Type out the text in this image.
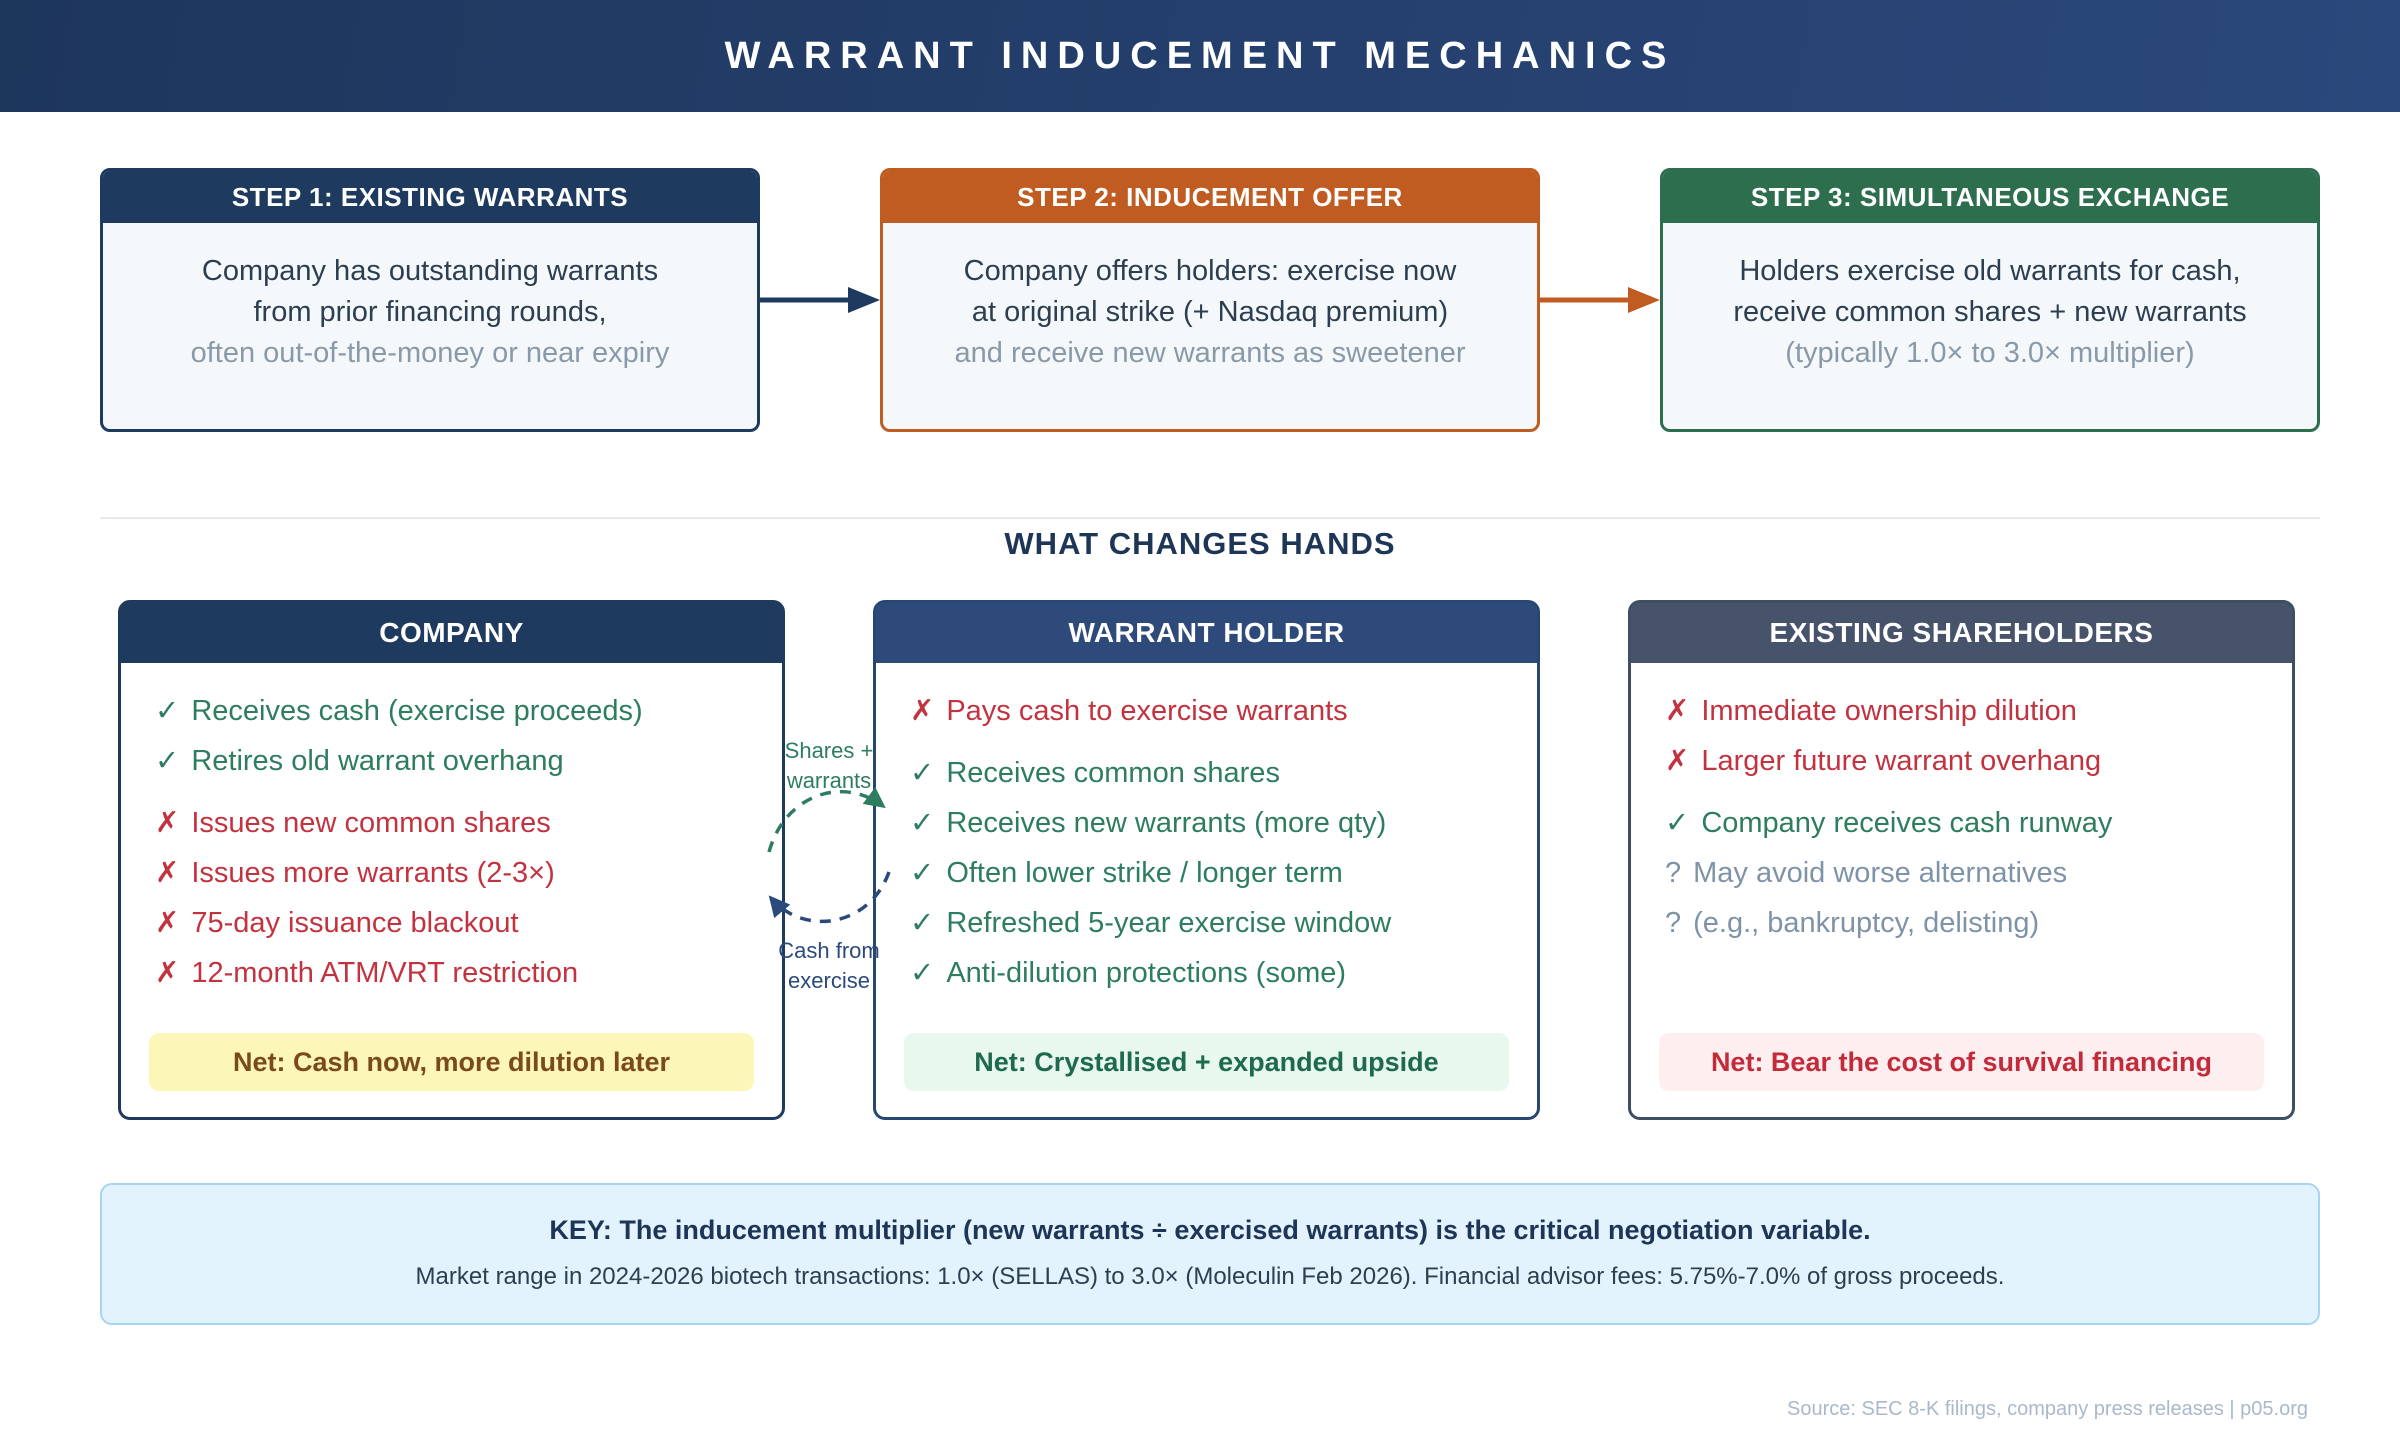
WARRANT INDUCEMENT MECHANICS
STEP 1: EXISTING WARRANTS
Company has outstanding warrants
from prior financing rounds,
often out-of-the-money or near expiry
STEP 2: INDUCEMENT OFFER
Company offers holders: exercise now
at original strike (+ Nasdaq premium)
and receive new warrants as sweetener
STEP 3: SIMULTANEOUS EXCHANGE
Holders exercise old warrants for cash,
receive common shares + new warrants
(typically 1.0× to 3.0× multiplier)
WHAT CHANGES HANDS
COMPANY
✓ Receives cash (exercise proceeds)
✓ Retires old warrant overhang
✗ Issues new common shares
✗ Issues more warrants (2-3×)
✗ 75-day issuance blackout
✗ 12-month ATM/VRT restriction
Net: Cash now, more dilution later
WARRANT HOLDER
✗ Pays cash to exercise warrants
✓ Receives common shares
✓ Receives new warrants (more qty)
✓ Often lower strike / longer term
✓ Refreshed 5-year exercise window
✓ Anti-dilution protections (some)
Net: Crystallised + expanded upside
EXISTING SHAREHOLDERS
✗ Immediate ownership dilution
✗ Larger future warrant overhang
✓ Company receives cash runway
? May avoid worse alternatives
? (e.g., bankruptcy, delisting)
Net: Bear the cost of survival financing
Shares +
warrants
Cash from
exercise
KEY: The inducement multiplier (new warrants ÷ exercised warrants) is the critical negotiation variable.
Market range in 2024-2026 biotech transactions: 1.0× (SELLAS) to 3.0× (Moleculin Feb 2026). Financial advisor fees: 5.75%-7.0% of gross proceeds.
Source: SEC 8-K filings, company press releases | p05.org
